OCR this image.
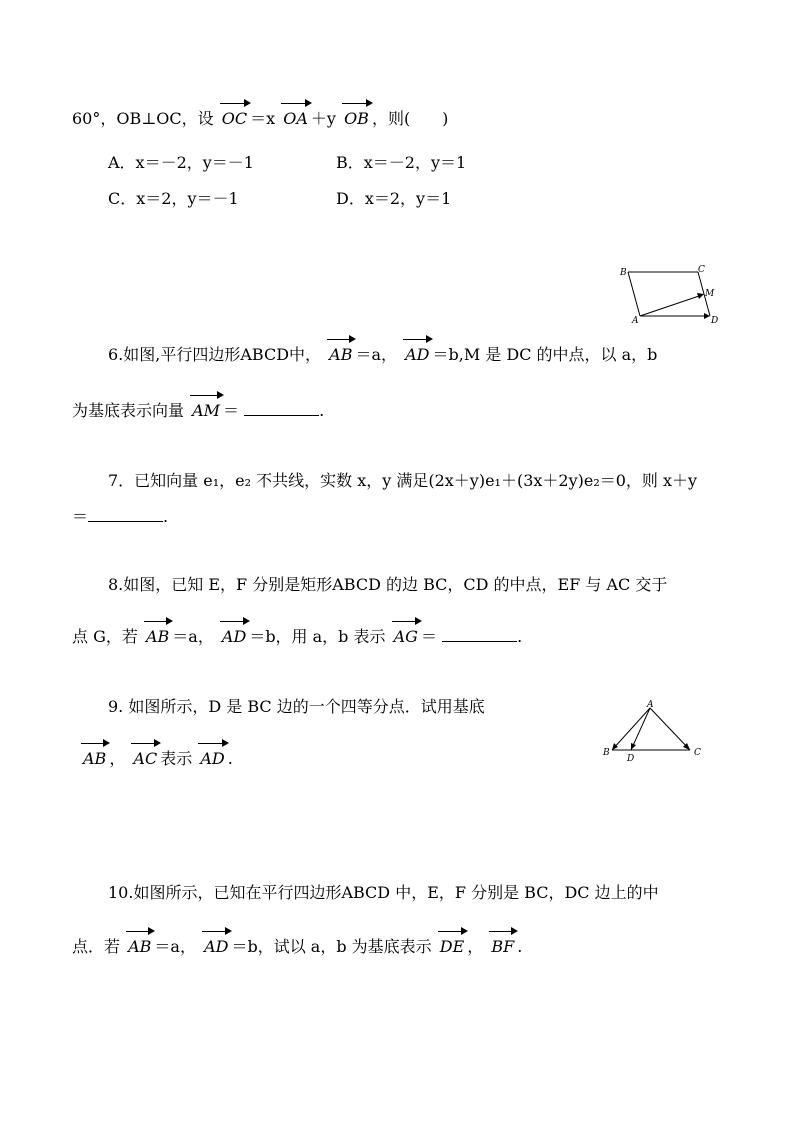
60°，OB⊥OC，设 OC ＝x OA ＋y OB ，则(　　)
A．x＝－2，y＝－1	B．x＝－2，y＝1
C．x＝2，y＝－1	D．x＝2，y＝1
B	C
M
A	D
6.如图,平行四边形ABCD中， AB ＝a， AD ＝b,M 是 DC 的中点，以 a，b
为基底表示向量 AM ＝	.
7．已知向量 e₁，e₂ 不共线，实数 x，y 满足(2x＋y)e₁＋(3x＋2y)e₂＝0，则 x＋y
＝	.
8.如图，已知 E，F 分别是矩形ABCD 的边 BC，CD 的中点，EF 与 AC 交于
点 G，若 AB ＝a， AD ＝b，用 a，b 表示 AG ＝	.
9. 如图所示，D 是 BC 边的一个四等分点．试用基底
AB ， AC 表示 AD .
A
B
D
C
10.如图所示，已知在平行四边形ABCD 中，E，F 分别是 BC，DC 边上的中
点．若 AB ＝a， AD ＝b，试以 a，b 为基底表示 DE ， BF .
